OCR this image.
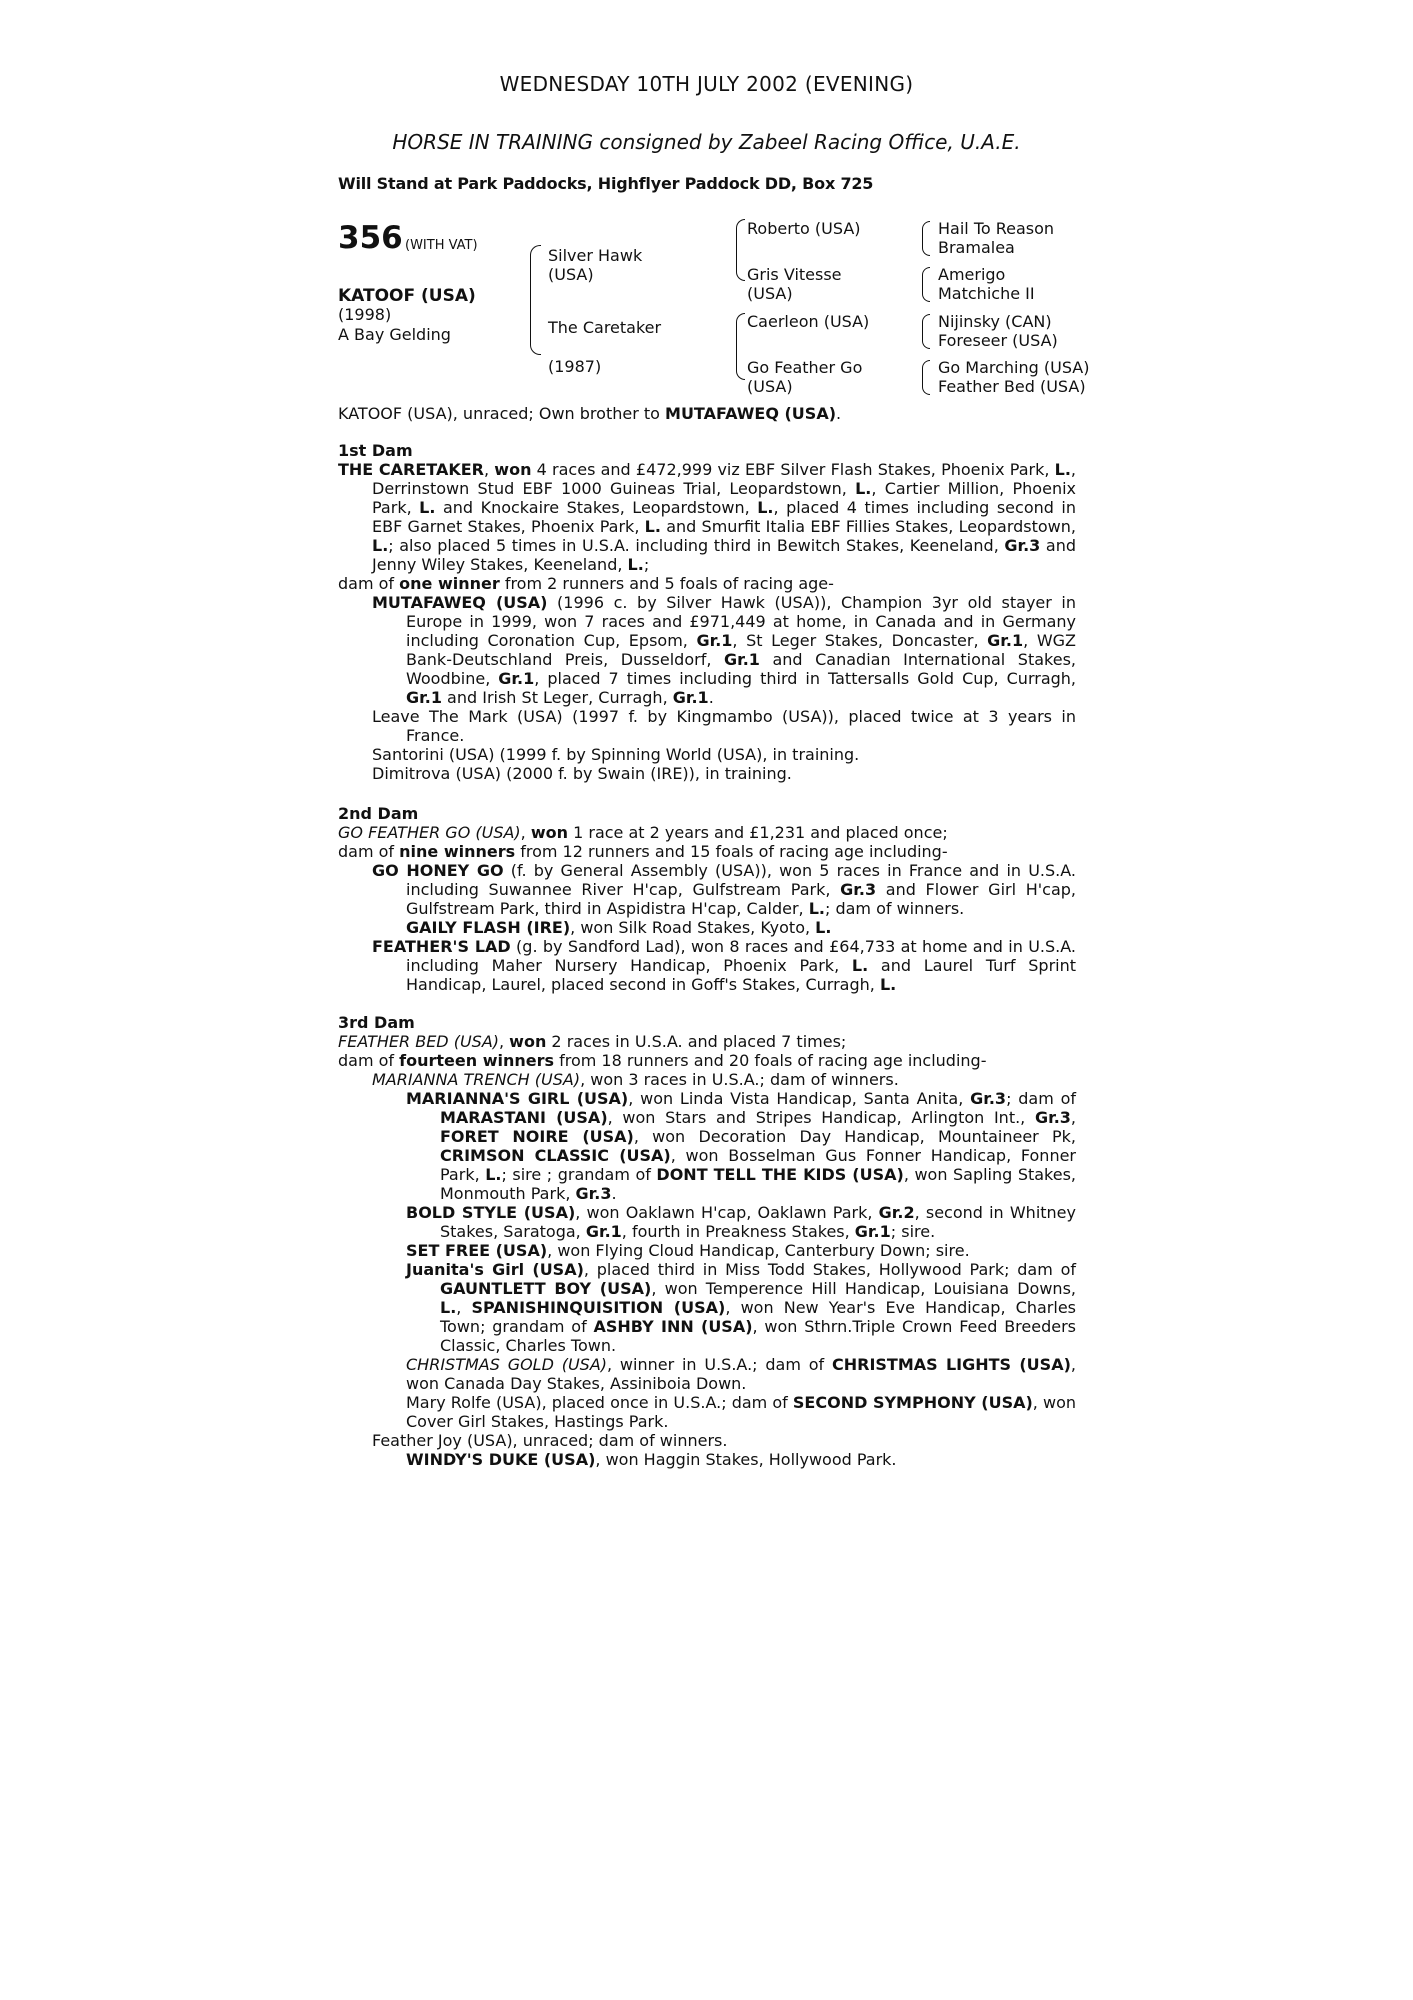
WEDNESDAY 10TH JULY 2002 (EVENING)
HORSE IN TRAINING consigned by Zabeel Racing Office, U.A.E.
Will Stand at Park Paddocks, Highflyer Paddock DD, Box 725
356 (WITH VAT)
KATOOF (USA)
(1998)
A Bay Gelding
Silver Hawk
(USA)
The Caretaker
(1987)
Roberto (USA)
Gris Vitesse
(USA)
Caerleon (USA)
Go Feather Go
(USA)
Hail To Reason
Bramalea
Amerigo
Matchiche II
Nijinsky (CAN)
Foreseer (USA)
Go Marching (USA)
Feather Bed (USA)

KATOOF (USA), unraced; Own brother to MUTAFAWEQ (USA).

1st Dam

THE CARETAKER, won 4 races and £472,999 viz EBF Silver Flash Stakes, Phoenix Park, L., Derrinstown Stud EBF 1000 Guineas Trial, Leopardstown, L., Cartier Million, Phoenix Park, L. and Knockaire Stakes, Leopardstown, L., placed 4 times including second in EBF Garnet Stakes, Phoenix Park, L. and Smurfit Italia EBF Fillies Stakes, Leopardstown, L.; also placed 5 times in U.S.A. including third in Bewitch Stakes, Keeneland, Gr.3 and Jenny Wiley Stakes, Keeneland, L.;

dam of one winner from 2 runners and 5 foals of racing age-

MUTAFAWEQ (USA) (1996 c. by Silver Hawk (USA)), Champion 3yr old stayer in Europe in 1999, won 7 races and £971,449 at home, in Canada and in Germany including Coronation Cup, Epsom, Gr.1, St Leger Stakes, Doncaster, Gr.1, WGZ Bank-Deutschland Preis, Dusseldorf, Gr.1 and Canadian International Stakes, Woodbine, Gr.1, placed 7 times including third in Tattersalls Gold Cup, Curragh, Gr.1 and Irish St Leger, Curragh, Gr.1.

Leave The Mark (USA) (1997 f. by Kingmambo (USA)), placed twice at 3 years in France.

Santorini (USA) (1999 f. by Spinning World (USA), in training.

Dimitrova (USA) (2000 f. by Swain (IRE)), in training.

2nd Dam

GO FEATHER GO (USA), won 1 race at 2 years and £1,231 and placed once;

dam of nine winners from 12 runners and 15 foals of racing age including-

GO HONEY GO (f. by General Assembly (USA)), won 5 races in France and in U.S.A. including Suwannee River H'cap, Gulfstream Park, Gr.3 and Flower Girl H'cap, Gulfstream Park, third in Aspidistra H'cap, Calder, L.; dam of winners.

GAILY FLASH (IRE), won Silk Road Stakes, Kyoto, L.

FEATHER'S LAD (g. by Sandford Lad), won 8 races and £64,733 at home and in U.S.A. including Maher Nursery Handicap, Phoenix Park, L. and Laurel Turf Sprint Handicap, Laurel, placed second in Goff's Stakes, Curragh, L.

3rd Dam

FEATHER BED (USA), won 2 races in U.S.A. and placed 7 times;

dam of fourteen winners from 18 runners and 20 foals of racing age including-

MARIANNA TRENCH (USA), won 3 races in U.S.A.; dam of winners.

MARIANNA'S GIRL (USA), won Linda Vista Handicap, Santa Anita, Gr.3; dam of MARASTANI (USA), won Stars and Stripes Handicap, Arlington Int., Gr.3, FORET NOIRE (USA), won Decoration Day Handicap, Mountaineer Pk, CRIMSON CLASSIC (USA), won Bosselman Gus Fonner Handicap, Fonner Park, L.; sire ; grandam of DONT TELL THE KIDS (USA), won Sapling Stakes, Monmouth Park, Gr.3.

BOLD STYLE (USA), won Oaklawn H'cap, Oaklawn Park, Gr.2, second in Whitney Stakes, Saratoga, Gr.1, fourth in Preakness Stakes, Gr.1; sire.

SET FREE (USA), won Flying Cloud Handicap, Canterbury Down; sire.

Juanita's Girl (USA), placed third in Miss Todd Stakes, Hollywood Park; dam of GAUNTLETT BOY (USA), won Temperence Hill Handicap, Louisiana Downs, L., SPANISHINQUISITION (USA), won New Year's Eve Handicap, Charles Town; grandam of ASHBY INN (USA), won Sthrn.Triple Crown Feed Breeders Classic, Charles Town.

CHRISTMAS GOLD (USA), winner in U.S.A.; dam of CHRISTMAS LIGHTS (USA), won Canada Day Stakes, Assiniboia Down.

Mary Rolfe (USA), placed once in U.S.A.; dam of SECOND SYMPHONY (USA), won Cover Girl Stakes, Hastings Park.

Feather Joy (USA), unraced; dam of winners.

WINDY'S DUKE (USA), won Haggin Stakes, Hollywood Park.
